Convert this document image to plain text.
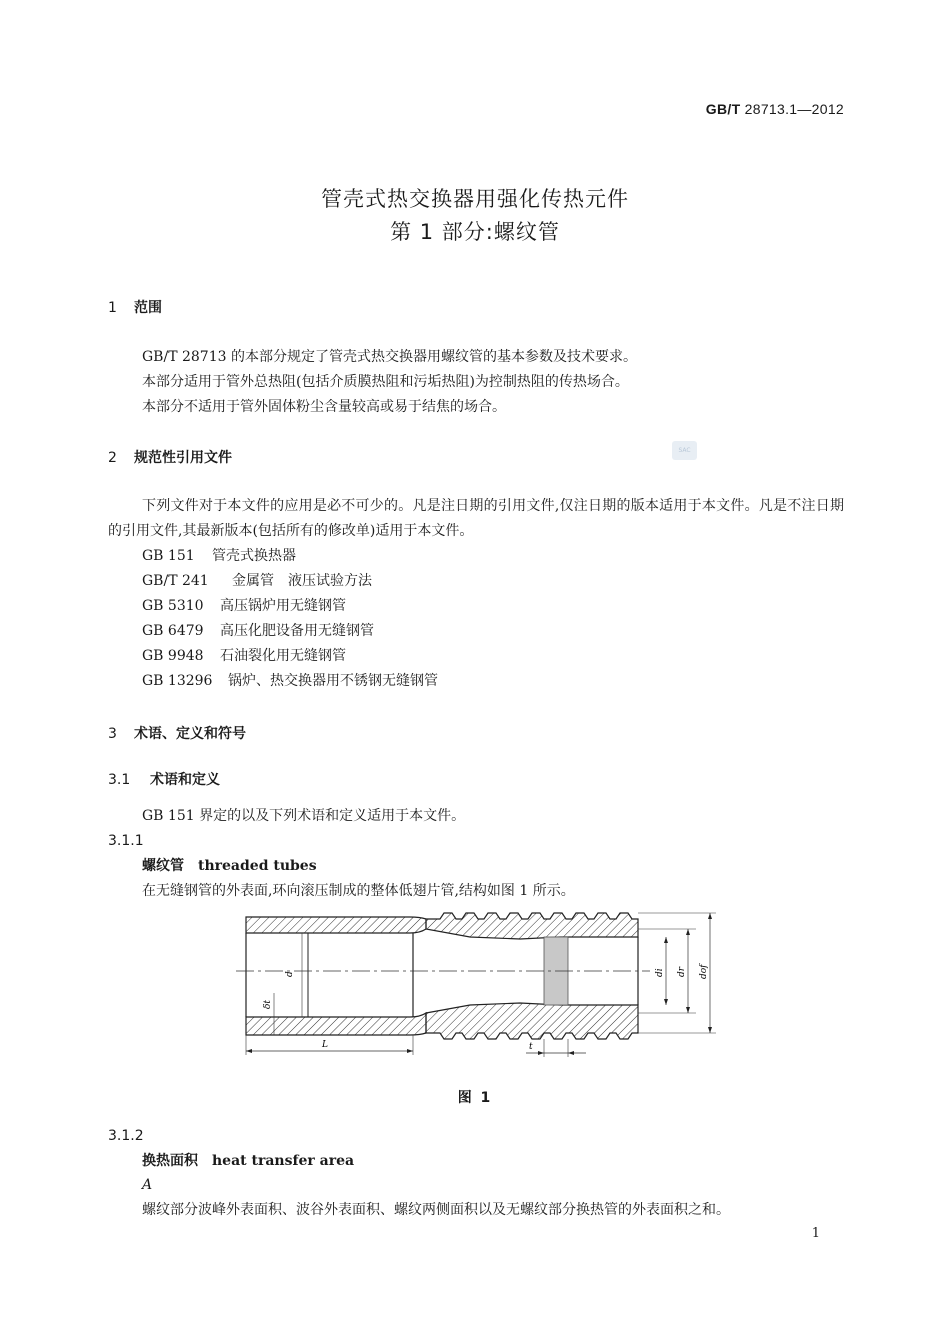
GB/T 28713.1—2012
管壳式热交换器用强化传热元件
第 1 部分:螺纹管
1 范围
GB/T 28713 的本部分规定了管壳式热交换器用螺纹管的基本参数及技术要求。
本部分适用于管外总热阻(包括介质膜热阻和污垢热阻)为控制热阻的传热场合。
本部分不适用于管外固体粉尘含量较高或易于结焦的场合。
2 规范性引用文件	SAC
下列文件对于本文件的应用是必不可少的。凡是注日期的引用文件,仅注日期的版本适用于本文件。凡是不注日期的引用文件,其最新版本(包括所有的修改单)适用于本文件。
GB 151 管壳式换热器
GB/T 241 金属管　液压试验方法
GB 5310 高压锅炉用无缝钢管
GB 6479 高压化肥设备用无缝钢管
GB 9948 石油裂化用无缝钢管
GB 13296 锅炉、热交换器用不锈钢无缝钢管
3 术语、定义和符号
3.1 术语和定义
GB 151 界定的以及下列术语和定义适用于本文件。
3.1.1
螺纹管 threaded tubes
在无缝钢管的外表面,环向滚压制成的整体低翅片管,结构如图 1 所示。
d
δt
L	t
di dr dof
图 1
3.1.2
换热面积 heat transfer area
A
螺纹部分波峰外表面积、波谷外表面积、螺纹两侧面积以及无螺纹部分换热管的外表面积之和。
1
